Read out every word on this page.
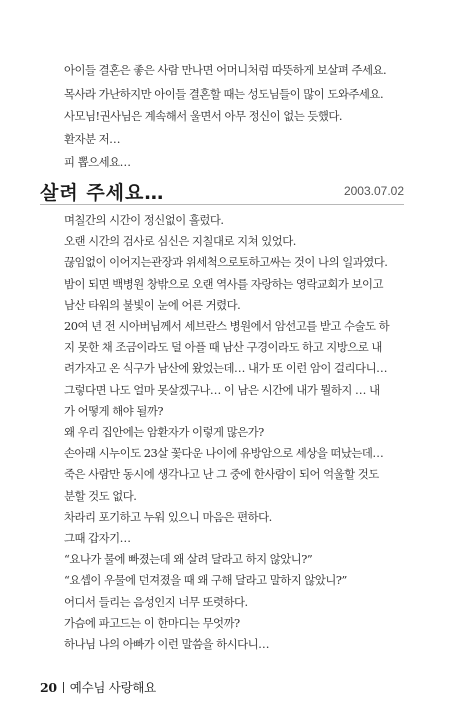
아이들 결혼은 좋은 사람 만나면 어머니처럼 따뜻하게 보살펴 주세요.
목사라 가난하지만 아이들 결혼할 때는 성도님들이 많이 도와주세요.
사모님!권사님은 계속해서 울면서 아무 정신이 없는 듯했다.
환자분 저…
피 뽑으세요…
살려 주세요…	2003.07.02
며칠간의 시간이 정신없이 흘렀다.
오랜 시간의 검사로 심신은 지칠대로 지쳐 있었다.
끊임없이 이어지는관장과 위세척으로토하고싸는 것이 나의 일과였다.
밤이 되면 백병원 창밖으로 오랜 역사를 자랑하는 영락교회가 보이고
남산 타워의 불빛이 눈에 어른 거렸다.
20여 년 전 시아버님께서 세브란스 병원에서 암선고를 받고 수술도 하
지 못한 채 조금이라도 덜 아플 때 남산 구경이라도 하고 지방으로 내
려가자고 온 식구가 남산에 왔었는데… 내가 또 이런 암이 걸리다니…
그렇다면 나도 얼마 못살겠구나… 이 남은 시간에 내가 뭘하지 … 내
가 어떻게 해야 될까?
왜 우리 집안에는 암환자가 이렇게 많은가?
손아래 시누이도 23살 꽃다운 나이에 유방암으로 세상을 떠났는데…
죽은 사람만 동시에 생각나고 난 그 중에 한사람이 되어 억울할 것도
분할 것도 없다.
차라리 포기하고 누워 있으니 마음은 편하다.
그때 갑자기…
“요나가 물에 빠졌는데 왜 살려 달라고 하지 않았니?”
“요셉이 우물에 던져졌을 때 왜 구해 달라고 말하지 않았니?”
어디서 들리는 음성인지 너무 또렷하다.
가슴에 파고드는 이 한마디는 무엇까?
하나님 나의 아빠가 이런 말씀을 하시다니…
20 예수님 사랑해요
